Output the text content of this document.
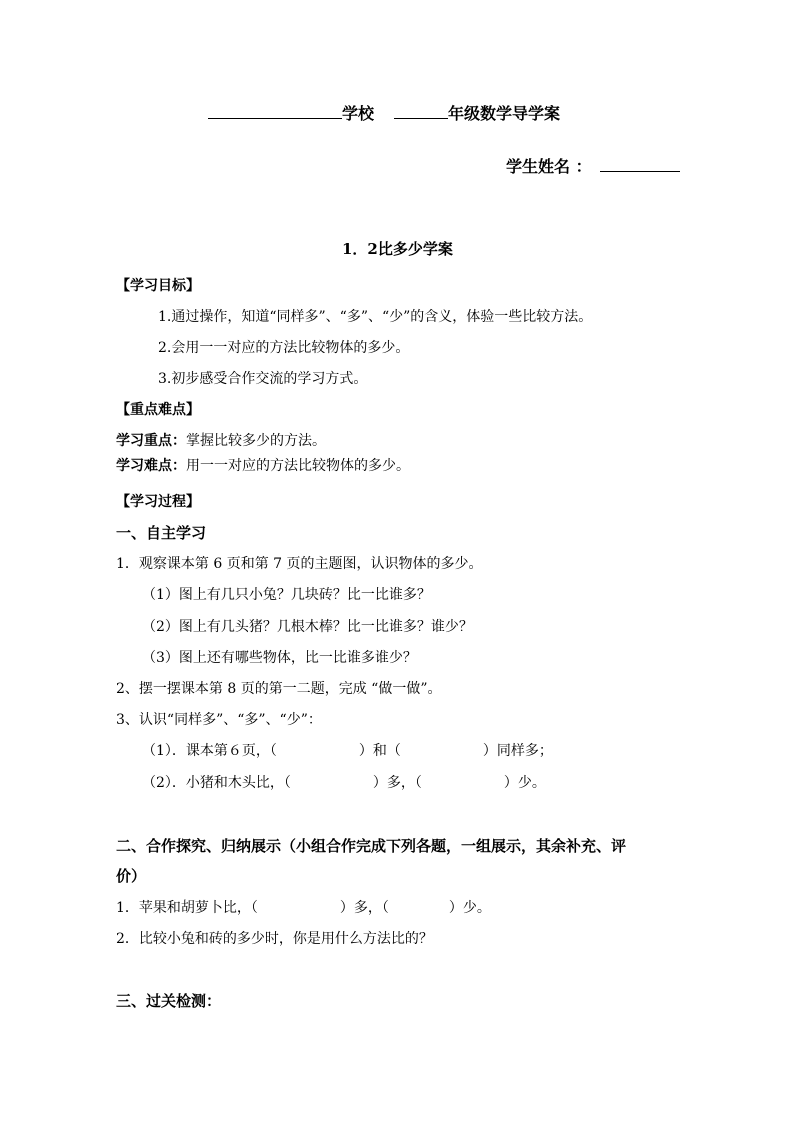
学校	年级数学导学案
学生姓名 ：
1．2比多少学案
【学习目标】
1.通过操作，知道“同样多”、“多”、“少”的含义，体验一些比较方法。
2.会用一一对应的方法比较物体的多少。
3.初步感受合作交流的学习方式。
【重点难点】
学习重点：掌握比较多少的方法。
学习难点：用一一对应的方法比较物体的多少。
【学习过程】
一、自主学习
1．观察课本第 6 页和第 7 页的主题图，认识物体的多少。
（1）图上有几只小兔？几块砖？比一比谁多？
（2）图上有几头猪？几根木棒？比一比谁多？谁少？
（3）图上还有哪些物体，比一比谁多谁少？
2、摆一摆课本第 8 页的第一二题，完成 “做一做”。
3、认识“同样多”、“多”、“少”：
（1）．课本第６页，（	）和（	）同样多；
（2）．小猪和木头比，（	）多，（	）少。
二、合作探究、归纳展示（小组合作完成下列各题，一组展示，其余补充、评
价）
1．苹果和胡萝卜比，（	）多，（	）少。
2．比较小兔和砖的多少时，你是用什么方法比的？
三、过关检测：
